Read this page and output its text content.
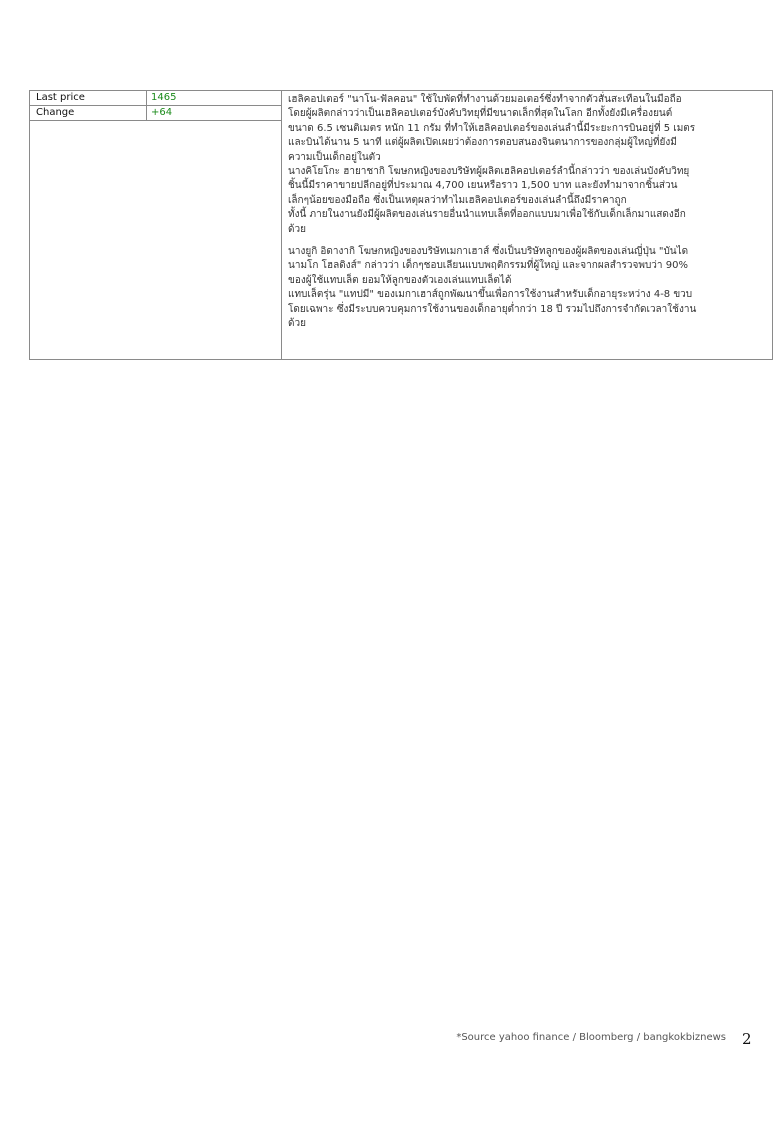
Last price	1465
Change	+64

เฮลิคอปเตอร์ "นาโน-ฟัลคอน" ใช้ใบพัดที่ทำงานด้วยมอเตอร์ซึ่งทำจากตัวสั่นสะเทือนในมือถือ

โดยผู้ผลิตกล่าวว่าเป็นเฮลิคอปเตอร์บังคับวิทยุที่มีขนาดเล็กที่สุดในโลก อีกทั้งยังมีเครื่องยนต์

ขนาด 6.5 เซนติเมตร หนัก 11 กรัม ที่ทำให้เฮลิคอปเตอร์ของเล่นลำนี้มีระยะการบินอยู่ที่ 5 เมตร

และบินได้นาน 5 นาที แต่ผู้ผลิตเปิดเผยว่าต้องการตอบสนองจินตนาการของกลุ่มผู้ใหญ่ที่ยังมี

ความเป็นเด็กอยู่ในตัว

นางคิโยโกะ ฮายาชากิ โฆษกหญิงของบริษัทผู้ผลิตเฮลิคอปเตอร์ลำนี้กล่าวว่า ของเล่นบังคับวิทยุ

ชิ้นนี้มีราคาขายปลีกอยู่ที่ประมาณ 4,700 เยนหรือราว 1,500 บาท และยังทำมาจากชิ้นส่วน

เล็กๆน้อยของมือถือ ซึ่งเป็นเหตุผลว่าทำไมเฮลิคอปเตอร์ของเล่นลำนี้ถึงมีราคาถูก

ทั้งนี้ ภายในงานยังมีผู้ผลิตของเล่นรายอื่นนำแทบเล็ตที่ออกแบบมาเพื่อใช้กับเด็กเล็กมาแสดงอีก

ด้วย

นางยูกิ อิดางากิ โฆษกหญิงของบริษัทเมกาเฮาส์ ซึ่งเป็นบริษัทลูกของผู้ผลิตของเล่นญี่ปุ่น "บันได

นามโก โฮลดิงส์" กล่าวว่า เด็กๆชอบเลียนแบบพฤติกรรมที่ผู้ใหญ่ และจากผลสำรวจพบว่า 90%

ของผู้ใช้แทบเล็ต ยอมให้ลูกของตัวเองเล่นแทบเล็ตได้

แทบเล็ตรุ่น "แทปมี" ของเมกาเฮาส์ถูกพัฒนาขึ้นเพื่อการใช้งานสำหรับเด็กอายุระหว่าง 4-8 ขวบ

โดยเฉพาะ ซึ่งมีระบบควบคุมการใช้งานของเด็กอายุต่ำกว่า 18 ปี รวมไปถึงการจำกัดเวลาใช้งาน

ด้วย

*Source yahoo finance / Bloomberg / bangkokbiznews 2
